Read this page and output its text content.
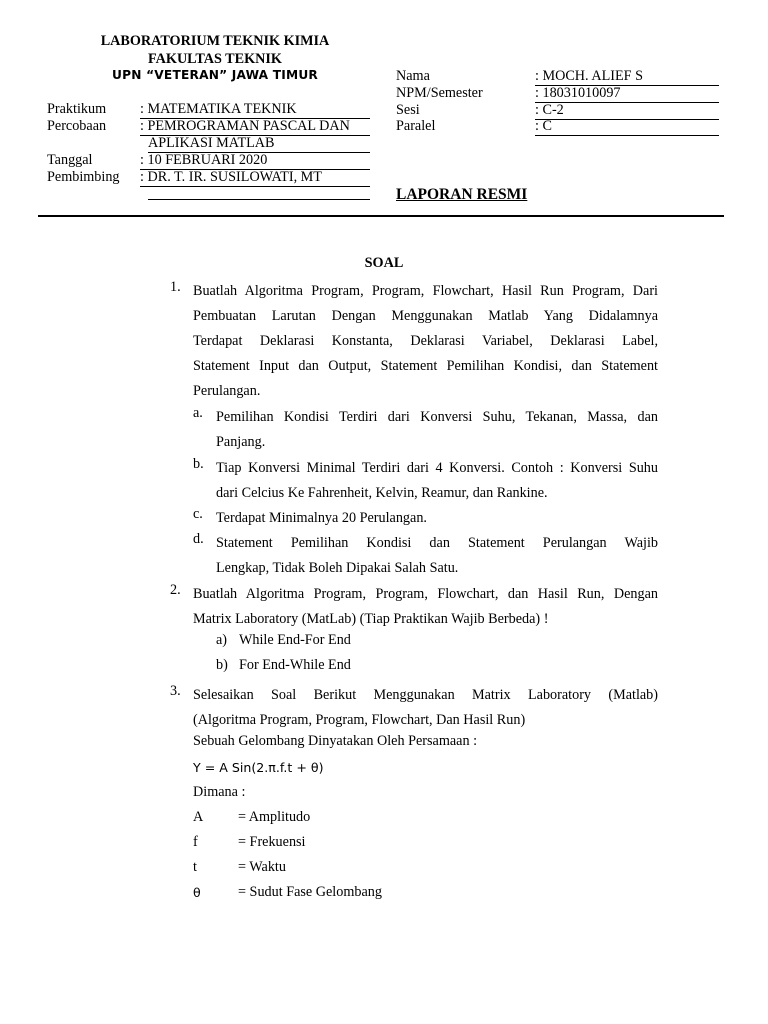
LABORATORIUM TEKNIK KIMIA
FAKULTAS TEKNIK
UPN “VETERAN” JAWA TIMUR
Praktikum : MATEMATIKA TEKNIK
Percobaan : PEMROGRAMAN PASCAL DAN
APLIKASI MATLAB
Tanggal	: 10 FEBRUARI 2020
Pembimbing : DR. T. IR. SUSILOWATI, MT
Nama	: MOCH. ALIEF S
NPM/Semester	: 18031010097
Sesi	: C-2
Paralel	: C
LAPORAN RESMI
SOAL
1. Buatlah Algoritma Program, Program, Flowchart, Hasil Run Program, Dari
Pembuatan Larutan Dengan Menggunakan Matlab Yang Didalamnya
Terdapat Deklarasi Konstanta, Deklarasi Variabel, Deklarasi Label,
Statement Input dan Output, Statement Pemilihan Kondisi, dan Statement
Perulangan.
a. Pemilihan Kondisi Terdiri dari Konversi Suhu, Tekanan, Massa, dan
Panjang.
b. Tiap Konversi Minimal Terdiri dari 4 Konversi. Contoh : Konversi Suhu
dari Celcius Ke Fahrenheit, Kelvin, Reamur, dan Rankine.
c. Terdapat Minimalnya 20 Perulangan.
d. Statement Pemilihan Kondisi dan Statement Perulangan Wajib
Lengkap, Tidak Boleh Dipakai Salah Satu.
2. Buatlah Algoritma Program, Program, Flowchart, dan Hasil Run, Dengan
Matrix Laboratory (MatLab) (Tiap Praktikan Wajib Berbeda) !
a) While End-For End
b) For End-While End
3. Selesaikan Soal Berikut Menggunakan Matrix Laboratory (Matlab)
(Algoritma Program, Program, Flowchart, Dan Hasil Run)
Sebuah Gelombang Dinyatakan Oleh Persamaan :
Y = A Sin(2.π.f.t + θ)
Dimana :
A = Amplitudo
f	= Frekuensi
t	= Waktu
θ	= Sudut Fase Gelombang
